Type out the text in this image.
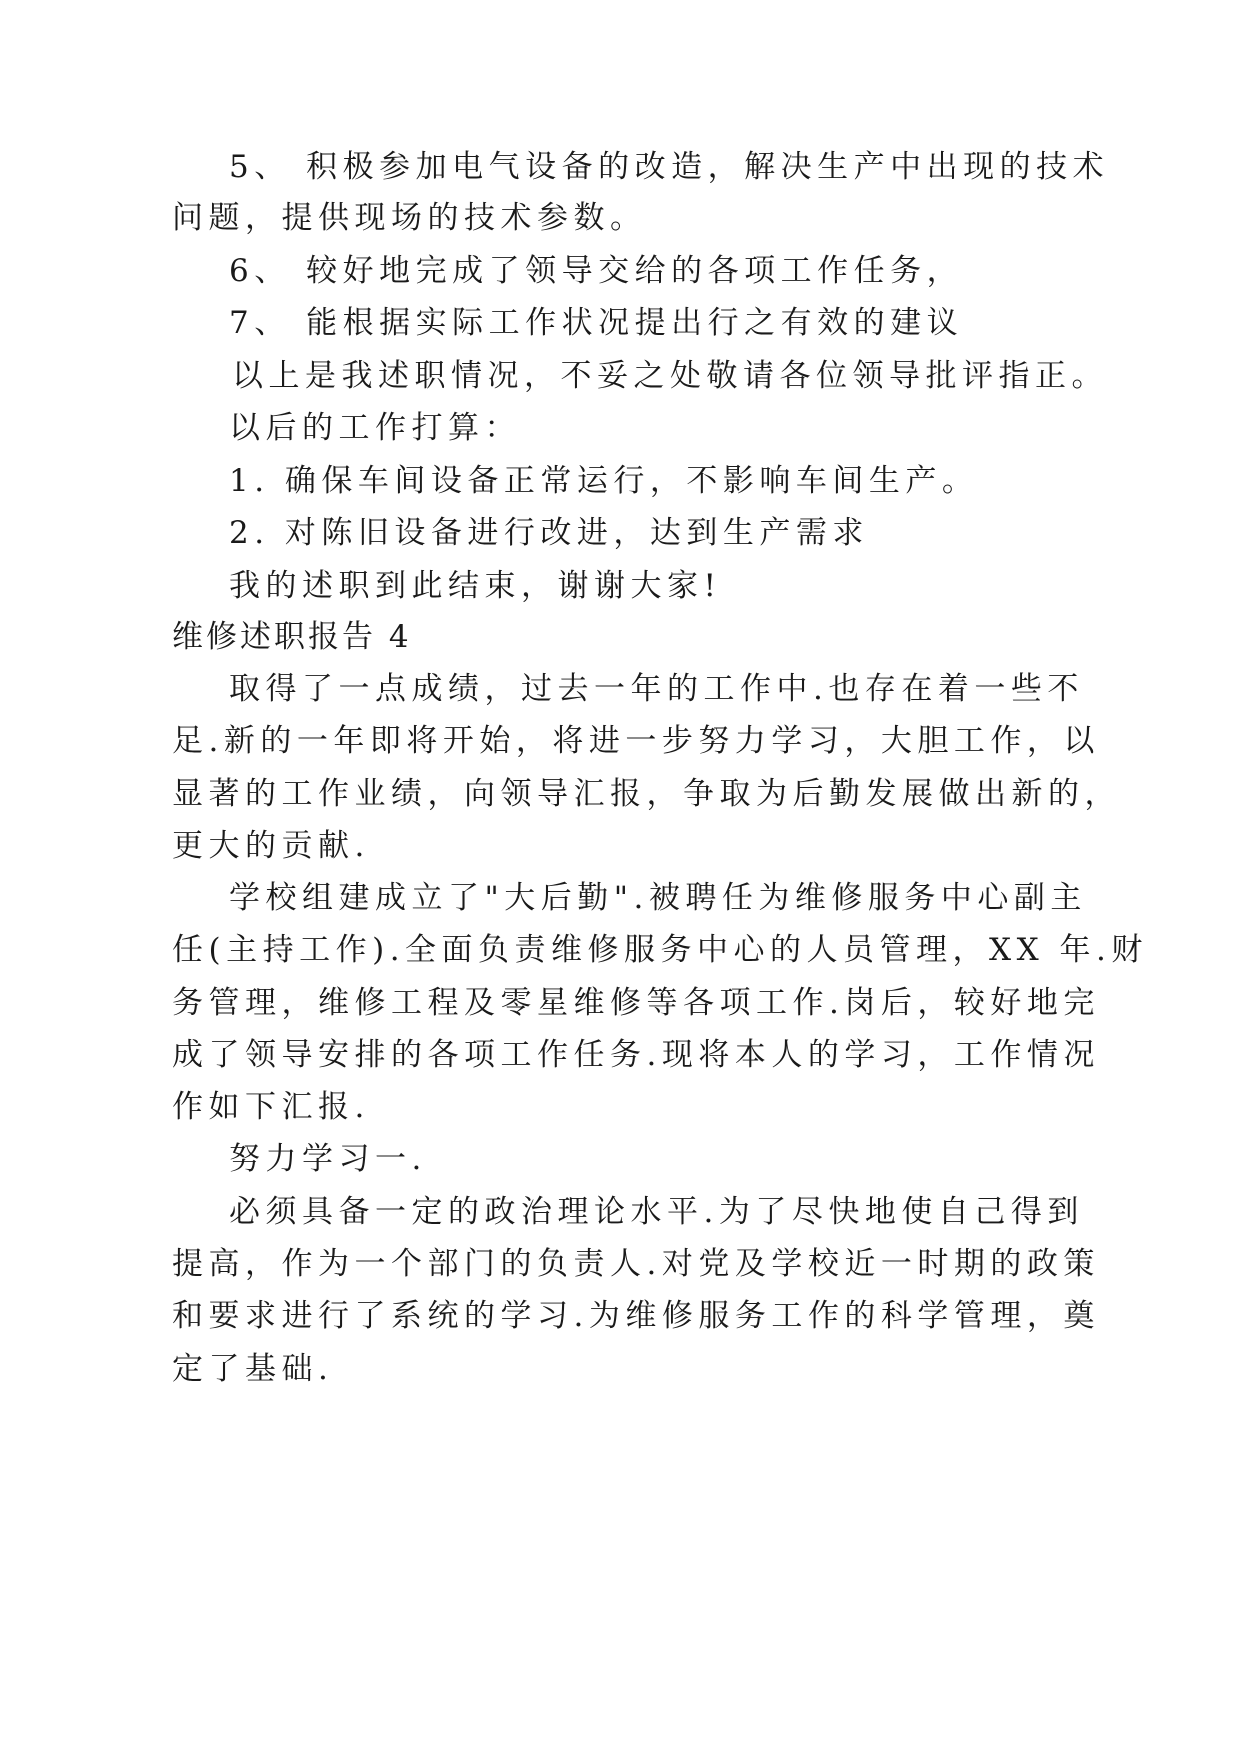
5、 积极参加电气设备的改造，解决生产中出现的技术
问题，提供现场的技术参数。
6、 较好地完成了领导交给的各项工作任务，
7、 能根据实际工作状况提出行之有效的建议
以上是我述职情况，不妥之处敬请各位领导批评指正。
以后的工作打算：
1. 确保车间设备正常运行，不影响车间生产。
2. 对陈旧设备进行改进，达到生产需求
我的述职到此结束，谢谢大家!
维修述职报告 4
取得了一点成绩，过去一年的工作中.也存在着一些不
足.新的一年即将开始，将进一步努力学习，大胆工作，以
显著的工作业绩，向领导汇报，争取为后勤发展做出新的，
更大的贡献.
学校组建成立了"大后勤".被聘任为维修服务中心副主
任(主持工作).全面负责维修服务中心的人员管理，XX 年.财
务管理，维修工程及零星维修等各项工作.岗后，较好地完
成了领导安排的各项工作任务.现将本人的学习，工作情况
作如下汇报.
努力学习一.
必须具备一定的政治理论水平.为了尽快地使自己得到
提高，作为一个部门的负责人.对党及学校近一时期的政策
和要求进行了系统的学习.为维修服务工作的科学管理，奠
定了基础.
